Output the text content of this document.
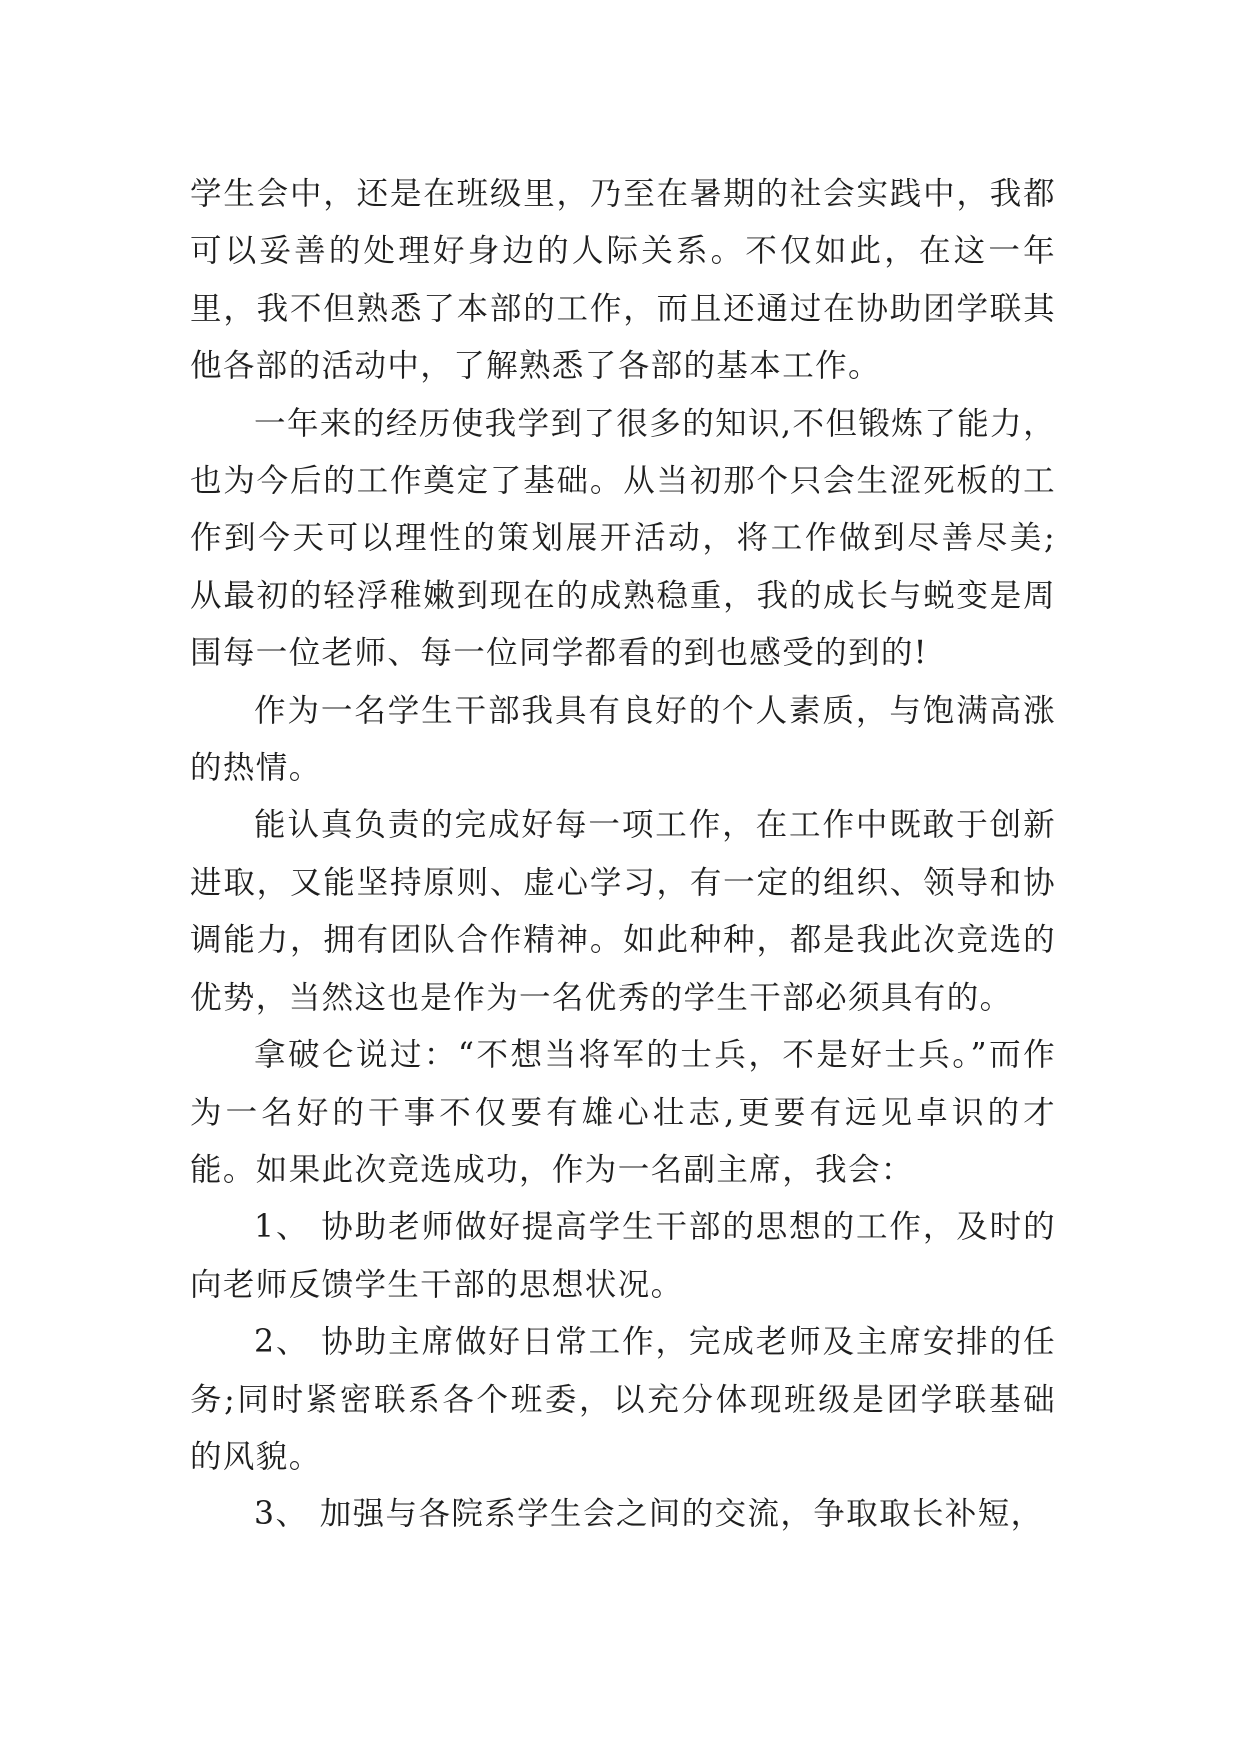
学生会中，还是在班级里，乃至在暑期的社会实践中，我都可以妥善的处理好身边的人际关系。不仅如此，在这一年里，我不但熟悉了本部的工作，而且还通过在协助团学联其他各部的活动中，了解熟悉了各部的基本工作。

一年来的经历使我学到了很多的知识,不但锻炼了能力，也为今后的工作奠定了基础。从当初那个只会生涩死板的工作到今天可以理性的策划展开活动，将工作做到尽善尽美;从最初的轻浮稚嫩到现在的成熟稳重，我的成长与蜕变是周围每一位老师、每一位同学都看的到也感受的到的!

作为一名学生干部我具有良好的个人素质，与饱满高涨的热情。

能认真负责的完成好每一项工作，在工作中既敢于创新进取，又能坚持原则、虚心学习，有一定的组织、领导和协调能力，拥有团队合作精神。如此种种，都是我此次竞选的优势，当然这也是作为一名优秀的学生干部必须具有的。

拿破仑说过：“不想当将军的士兵，不是好士兵。”而作为一名好的干事不仅要有雄心壮志,更要有远见卓识的才能。如果此次竞选成功，作为一名副主席，我会：

1、 协助老师做好提高学生干部的思想的工作，及时的向老师反馈学生干部的思想状况。

2、 协助主席做好日常工作，完成老师及主席安排的任务;同时紧密联系各个班委，以充分体现班级是团学联基础的风貌。

3、 加强与各院系学生会之间的交流，争取取长补短，
